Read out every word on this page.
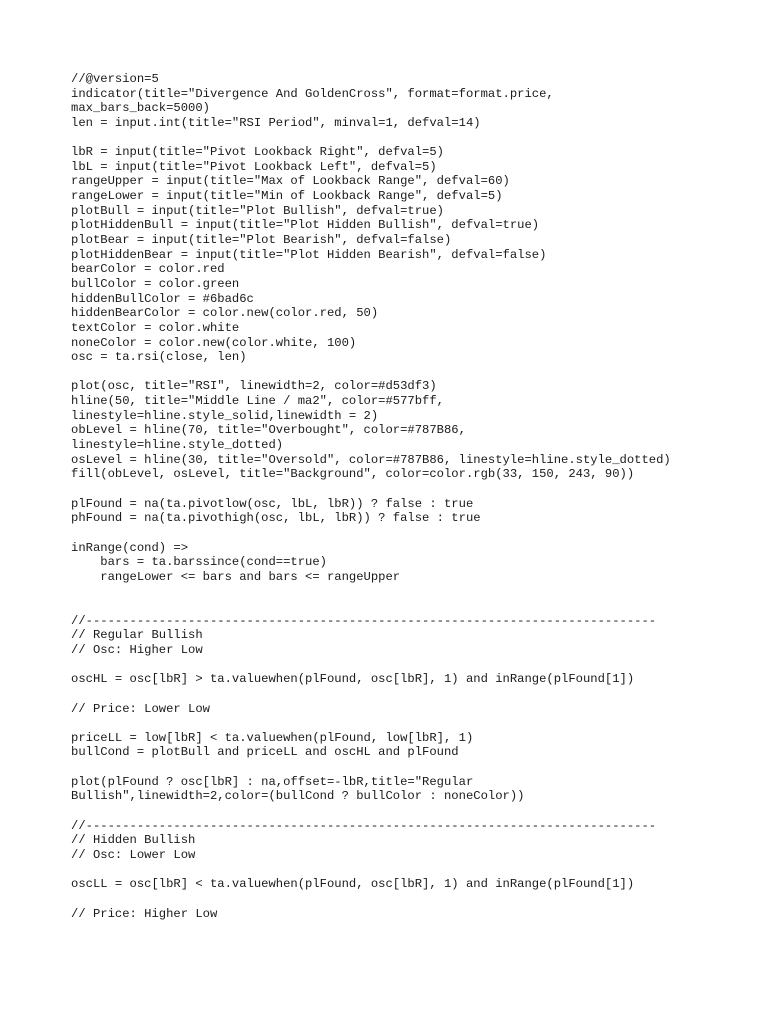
//@version=5
indicator(title="Divergence And GoldenCross", format=format.price,
max_bars_back=5000)
len = input.int(title="RSI Period", minval=1, defval=14)
lbR = input(title="Pivot Lookback Right", defval=5)
lbL = input(title="Pivot Lookback Left", defval=5)
rangeUpper = input(title="Max of Lookback Range", defval=60)
rangeLower = input(title="Min of Lookback Range", defval=5)
plotBull = input(title="Plot Bullish", defval=true)
plotHiddenBull = input(title="Plot Hidden Bullish", defval=true)
plotBear = input(title="Plot Bearish", defval=false)
plotHiddenBear = input(title="Plot Hidden Bearish", defval=false)
bearColor = color.red
bullColor = color.green
hiddenBullColor = #6bad6c
hiddenBearColor = color.new(color.red, 50)
textColor = color.white
noneColor = color.new(color.white, 100)
osc = ta.rsi(close, len)
plot(osc, title="RSI", linewidth=2, color=#d53df3)
hline(50, title="Middle Line / ma2", color=#577bff,
linestyle=hline.style_solid,linewidth = 2)
obLevel = hline(70, title="Overbought", color=#787B86,
linestyle=hline.style_dotted)
osLevel = hline(30, title="Oversold", color=#787B86, linestyle=hline.style_dotted)
fill(obLevel, osLevel, title="Background", color=color.rgb(33, 150, 243, 90))
plFound = na(ta.pivotlow(osc, lbL, lbR)) ? false : true
phFound = na(ta.pivothigh(osc, lbL, lbR)) ? false : true
inRange(cond) =>
bars = ta.barssince(cond==true)
rangeLower <= bars and bars <= rangeUpper
//------------------------------------------------------------------------------
// Regular Bullish
// Osc: Higher Low
oscHL = osc[lbR] > ta.valuewhen(plFound, osc[lbR], 1) and inRange(plFound[1])
// Price: Lower Low
priceLL = low[lbR] < ta.valuewhen(plFound, low[lbR], 1)
bullCond = plotBull and priceLL and oscHL and plFound
plot(plFound ? osc[lbR] : na,offset=-lbR,title="Regular
Bullish",linewidth=2,color=(bullCond ? bullColor : noneColor))
//------------------------------------------------------------------------------
// Hidden Bullish
// Osc: Lower Low
oscLL = osc[lbR] < ta.valuewhen(plFound, osc[lbR], 1) and inRange(plFound[1])
// Price: Higher Low
